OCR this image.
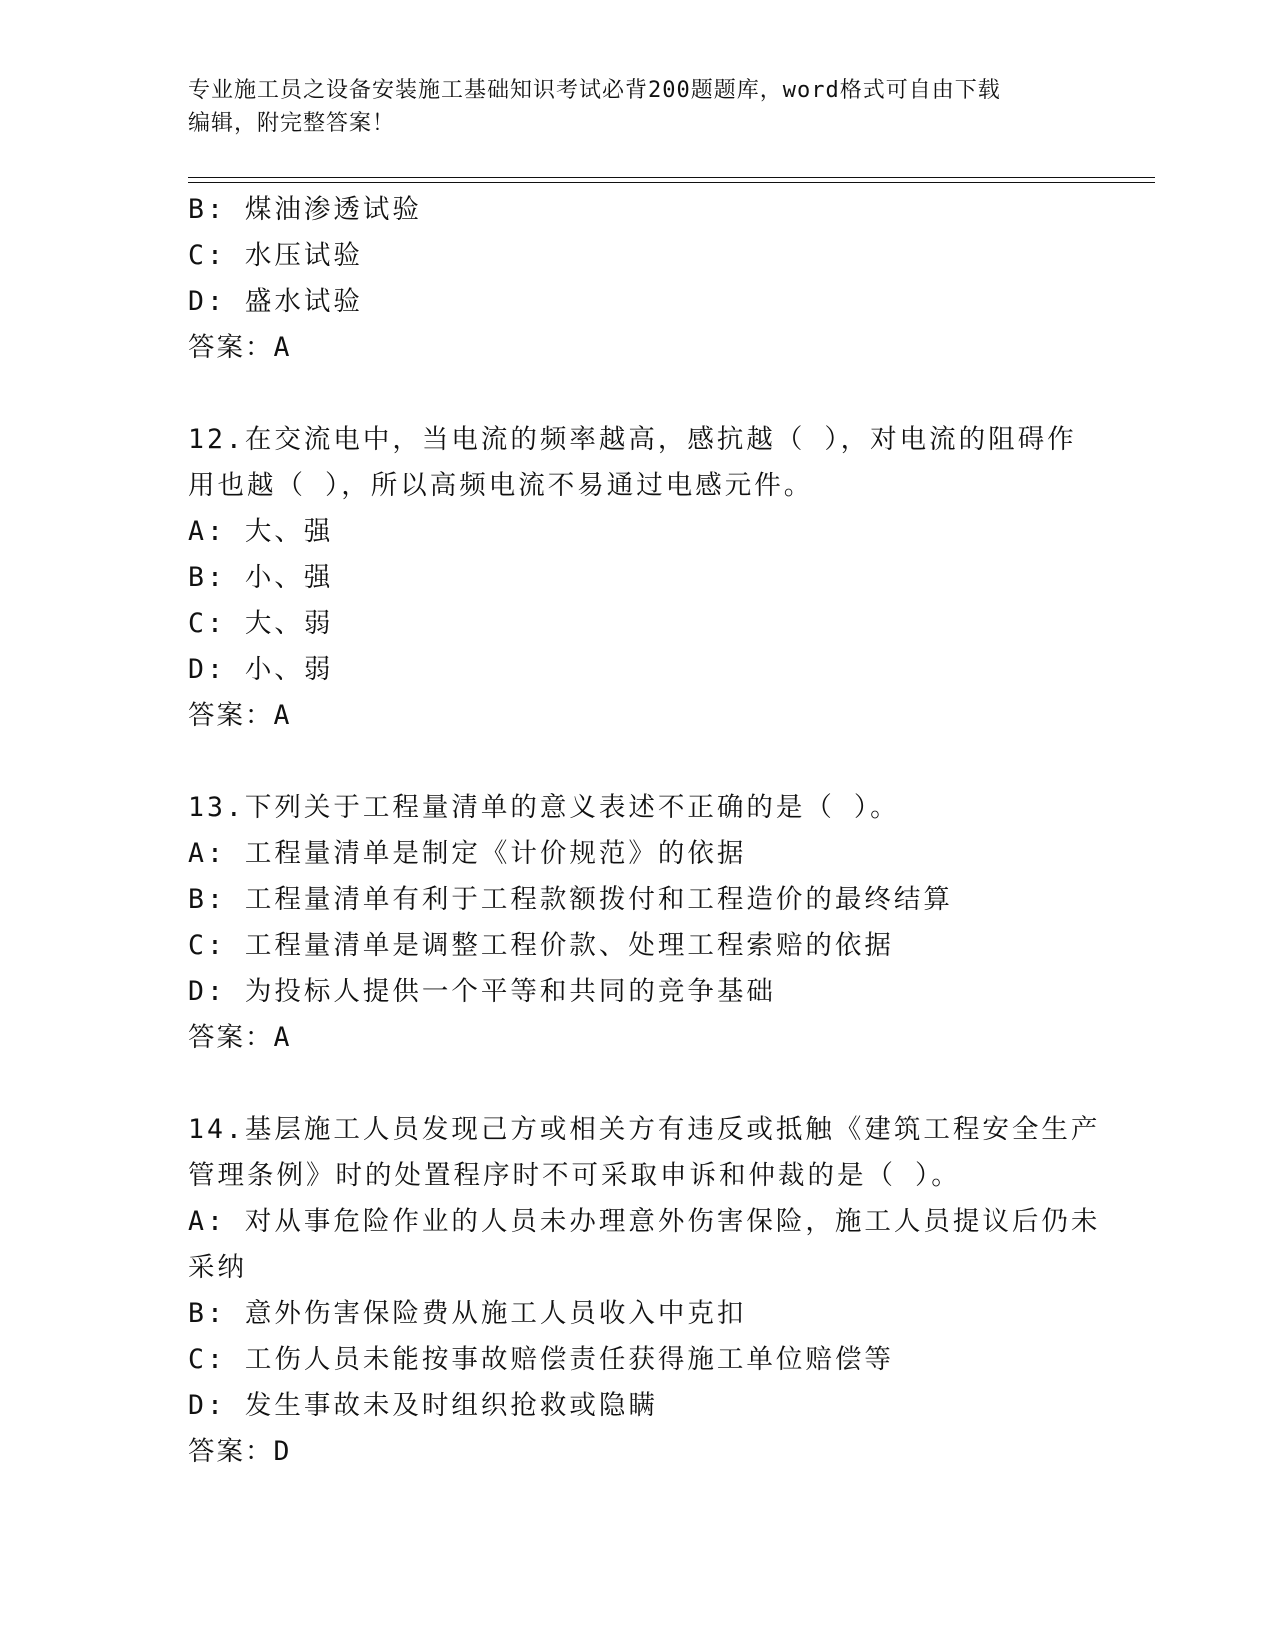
专业施工员之设备安装施工基础知识考试必背200题题库，word格式可自由下载
编辑，附完整答案！
B: 煤油渗透试验
C: 水压试验
D: 盛水试验
答案：A
12.在交流电中，当电流的频率越高，感抗越（ ），对电流的阻碍作
用也越（ ），所以高频电流不易通过电感元件。
A: 大、强
B: 小、强
C: 大、弱
D: 小、弱
答案：A
13.下列关于工程量清单的意义表述不正确的是（ ）。
A: 工程量清单是制定《计价规范》的依据
B: 工程量清单有利于工程款额拨付和工程造价的最终结算
C: 工程量清单是调整工程价款、处理工程索赔的依据
D: 为投标人提供一个平等和共同的竞争基础
答案：A
14.基层施工人员发现己方或相关方有违反或抵触《建筑工程安全生产
管理条例》时的处置程序时不可采取申诉和仲裁的是（ ）。
A: 对从事危险作业的人员未办理意外伤害保险，施工人员提议后仍未
采纳
B: 意外伤害保险费从施工人员收入中克扣
C: 工伤人员未能按事故赔偿责任获得施工单位赔偿等
D: 发生事故未及时组织抢救或隐瞒
答案：D
